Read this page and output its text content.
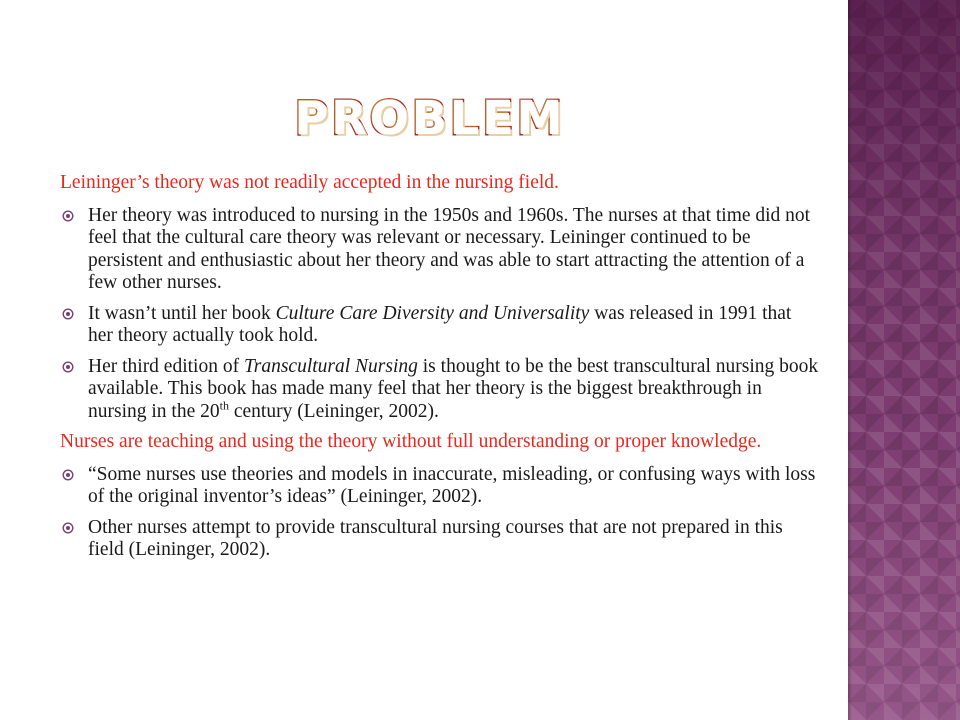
problem
Leininger’s theory was not readily accepted in the nursing field.
Her theory was introduced to nursing in the 1950s and 1960s. The nurses at that time did not feel that the cultural care theory was relevant or necessary. Leininger continued to be persistent and enthusiastic about her theory and was able to start attracting the attention of a few other nurses.
It wasn’t until her book Culture Care Diversity and Universality was released in 1991 that her theory actually took hold.
Her third edition of Transcultural Nursing is thought to be the best transcultural nursing book available. This book has made many feel that her theory is the biggest breakthrough in nursing in the 20th century (Leininger, 2002).
Nurses are teaching and using the theory without full understanding or proper knowledge.
“Some nurses use theories and models in inaccurate, misleading, or confusing ways with loss of the original inventor’s ideas” (Leininger, 2002).
Other nurses attempt to provide transcultural nursing courses that are not prepared in this field (Leininger, 2002).
